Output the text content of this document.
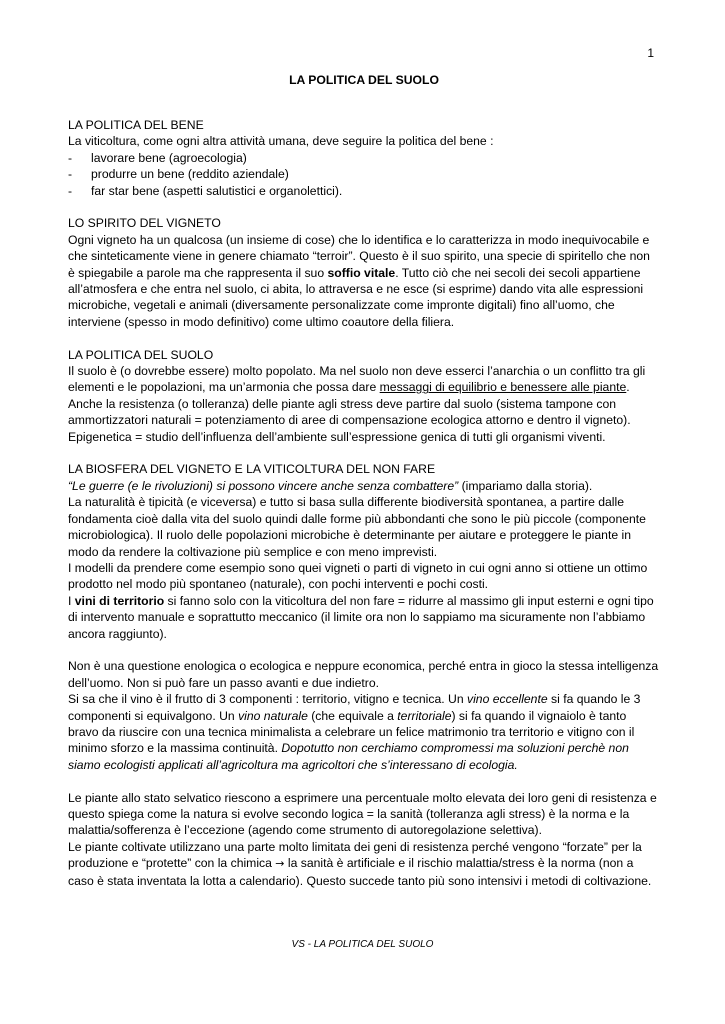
1
LA POLITICA DEL SUOLO

LA POLITICA DEL BENE

La viticoltura, come ogni altra attività umana, deve seguire la politica del bene :

- lavorare bene (agroecologia)
- produrre un bene (reddito aziendale)
- far star bene (aspetti salutistici e organolettici).

LO SPIRITO DEL VIGNETO

Ogni vigneto ha un qualcosa (un insieme di cose) che lo identifica e lo caratterizza in modo inequivocabile e che sinteticamente viene in genere chiamato “terroir”. Questo è il suo spirito, una specie di spiritello che non è spiegabile a parole ma che rappresenta il suo soffio vitale. Tutto ciò che nei secoli dei secoli appartiene all’atmosfera e che entra nel suolo, ci abita, lo attraversa e ne esce (si esprime) dando vita alle espressioni microbiche, vegetali e animali (diversamente personalizzate come impronte digitali) fino all’uomo, che interviene (spesso in modo definitivo) come ultimo coautore della filiera.

LA POLITICA DEL SUOLO

Il suolo è (o dovrebbe essere) molto popolato. Ma nel suolo non deve esserci l’anarchia o un conflitto tra gli elementi e le popolazioni, ma un’armonia che possa dare messaggi di equilibrio e benessere alle piante.

Anche la resistenza (o tolleranza) delle piante agli stress deve partire dal suolo (sistema tampone con ammortizzatori naturali = potenziamento di aree di compensazione ecologica attorno e dentro il vigneto).

Epigenetica = studio dell’influenza dell’ambiente sull’espressione genica di tutti gli organismi viventi.

LA BIOSFERA DEL VIGNETO E LA VITICOLTURA DEL NON FARE

“Le guerre (e le rivoluzioni) si possono vincere anche senza combattere” (impariamo dalla storia).

La naturalità è tipicità (e viceversa) e tutto si basa sulla differente biodiversità spontanea, a partire dalle fondamenta cioè dalla vita del suolo quindi dalle forme più abbondanti che sono le più piccole (componente microbiologica). Il ruolo delle popolazioni microbiche è determinante per aiutare e proteggere le piante in modo da rendere la coltivazione più semplice e con meno imprevisti.

I modelli da prendere come esempio sono quei vigneti o parti di vigneto in cui ogni anno si ottiene un ottimo prodotto nel modo più spontaneo (naturale), con pochi interventi e pochi costi.

I vini di territorio si fanno solo con la viticoltura del non fare = ridurre al massimo gli input esterni e ogni tipo di intervento manuale e soprattutto meccanico (il limite ora non lo sappiamo ma sicuramente non l’abbiamo ancora raggiunto).

Non è una questione enologica o ecologica e neppure economica, perché entra in gioco la stessa intelligenza dell’uomo. Non si può fare un passo avanti e due indietro.

Si sa che il vino è il frutto di 3 componenti : territorio, vitigno e tecnica. Un vino eccellente si fa quando le 3 componenti si equivalgono. Un vino naturale (che equivale a territoriale) si fa quando il vignaiolo è tanto bravo da riuscire con una tecnica minimalista a celebrare un felice matrimonio tra territorio e vitigno con il minimo sforzo e la massima continuità. Dopotutto non cerchiamo compromessi ma soluzioni perchè non siamo ecologisti applicati all’agricoltura ma agricoltori che s’interessano di ecologia.

Le piante allo stato selvatico riescono a esprimere una percentuale molto elevata dei loro geni di resistenza e questo spiega come la natura si evolve secondo logica = la sanità (tolleranza agli stress) è la norma e la malattia/sofferenza è l’eccezione (agendo come strumento di autoregolazione selettiva).

Le piante coltivate utilizzano una parte molto limitata dei geni di resistenza perché vengono “forzate” per la produzione e “protette” con la chimica → la sanità è artificiale e il rischio malattia/stress è la norma (non a caso è stata inventata la lotta a calendario). Questo succede tanto più sono intensivi i metodi di coltivazione.

VS - LA POLITICA DEL SUOLO
